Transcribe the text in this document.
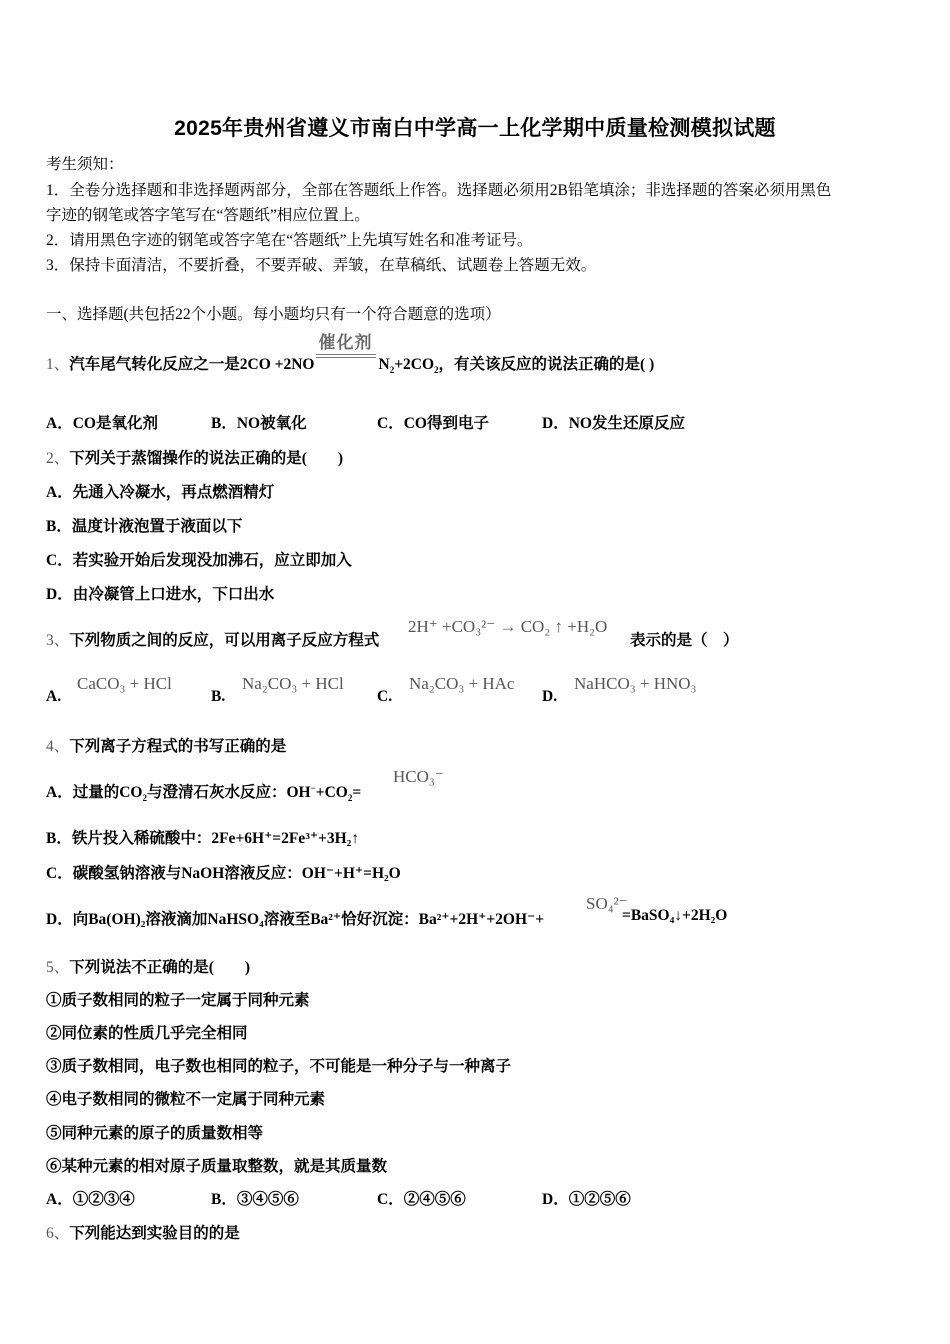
2025年贵州省遵义市南白中学高一上化学期中质量检测模拟试题
考生须知：
1．全卷分选择题和非选择题两部分，全部在答题纸上作答。选择题必须用2B铅笔填涂；非选择题的答案必须用黑色
字迹的钢笔或答字笔写在“答题纸”相应位置上。
2．请用黑色字迹的钢笔或答字笔在“答题纸”上先填写姓名和准考证号。
3．保持卡面清洁，不要折叠，不要弄破、弄皱，在草稿纸、试题卷上答题无效。
一、选择题(共包括22个小题。每小题均只有一个符合题意的选项）
1、汽车尾气转化反应之一是2CO +2NO
催化剂
$N_2+2CO_2$，有关该反应的说法正确的是( )
A．CO是氧化剂	B．NO被氧化	C．CO得到电子	D．NO发生还原反应
2、下列关于蒸馏操作的说法正确的是(　　)
A．先通入冷凝水，再点燃酒精灯
B．温度计液泡置于液面以下
C．若实验开始后发现没加沸石，应立即加入
D．由冷凝管上口进水，下口出水
3、下列物质之间的反应，可以用离子反应方程式
2H⁺ +CO₃²⁻ → CO₂ ↑ +H₂O
表示的是（　）
A.
CaCO₃ + HCl
B.
Na₂CO₃ + HCl
C.
Na₂CO₃ + HAc
D.
NaHCO₃ + HNO₃
4、下列离子方程式的书写正确的是
A．过量的$CO_2$与澄清石灰水反应：$OH^-+CO_2=$
HCO₃⁻
B．铁片投入稀硫酸中：2Fe+6H⁺=2Fe³⁺+3H₂↑
C．碳酸氢钠溶液与NaOH溶液反应：OH⁻+H⁺=H₂O
D．向Ba(OH)₂溶液滴加NaHSO₄溶液至Ba²⁺恰好沉淀：Ba²⁺+2H⁺+2OH⁻+
SO₄²⁻
=BaSO₄↓+2H₂O
5、下列说法不正确的是(　　)
①质子数相同的粒子一定属于同种元素
②同位素的性质几乎完全相同
③质子数相同，电子数也相同的粒子，不可能是一种分子与一种离子
④电子数相同的微粒不一定属于同种元素
⑤同种元素的原子的质量数相等
⑥某种元素的相对原子质量取整数，就是其质量数
A．①②③④	B．③④⑤⑥	C．②④⑤⑥	D．①②⑤⑥
6、下列能达到实验目的的是
